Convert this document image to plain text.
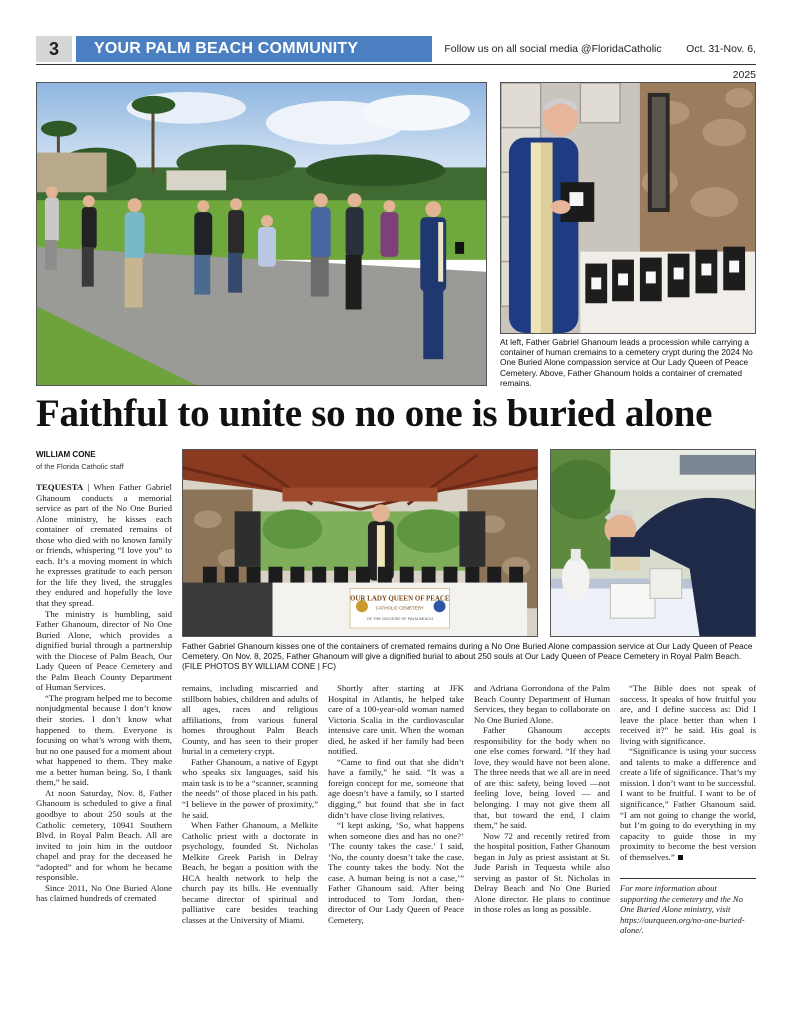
3	YOUR PALM BEACH COMMUNITY	Follow us on all social media @FloridaCatholic	Oct. 31-Nov. 6, 2025
At left, Father Gabriel Ghanoum leads a procession while carrying a container of human cremains to a cemetery crypt during the 2024 No One Buried Alone compassion service at Our Lady Queen of Peace Cemetery. Above, Father Ghanoum holds a container of cremated remains.
Faithful to unite so no one is buried alone
WILLIAM CONE
of the Florida Catholic staff
OUR LADY QUEEN OF PEACE
CATHOLIC CEMETERY
OF THE DIOCESE OF PALM BEACH
Father Gabriel Ghanoum kisses one of the containers of cremated remains during a No One Buried Alone compassion service at Our Lady Queen of Peace Cemetery. On Nov. 8, 2025, Father Ghanoum will give a dignified burial to about 250 souls at Our Lady Queen of Peace Cemetery in Royal Palm Beach. (FILE PHOTOS BY WILLIAM CONE | FC)

TEQUESTA | When Father Gabriel Ghanoum conducts a memorial service as part of the No One Buried Alone ministry, he kisses each container of cremated remains of those who died with no known family or friends, whispering “I love you” to each. It’s a moving moment in which he expresses gratitude to each person for the life they lived, the struggles they endured and hopefully the love that they spread.

The ministry is humbling, said Father Ghanoum, director of No One Buried Alone, which provides a dignified burial through a partnership with the Diocese of Palm Beach, Our Lady Queen of Peace Cemetery and the Palm Beach County Department of Human Services.

“The program helped me to become nonjudgmental because I don’t know their stories. I don’t know what happened to them. Everyone is focusing on what’s wrong with them, but no one paused for a moment about what happened to them. They make me a better human being. So, I thank them,” he said.

At noon Saturday, Nov. 8, Father Ghanoum is scheduled to give a final goodbye to about 250 souls at the Catholic cemetery, 10941 Southern Blvd. in Royal Palm Beach. All are invited to join him in the outdoor chapel and pray for the deceased he “adopted” and for whom he became responsible.

Since 2011, No One Buried Alone has claimed hundreds of cremated

remains, including miscarried and stillborn babies, children and adults of all ages, races and religious affiliations, from various funeral homes throughout Palm Beach County, and has seen to their proper burial in a cemetery crypt.

Father Ghanoum, a native of Egypt who speaks six languages, said his main task is to be a “scanner, scanning the needs” of those placed in his path. “I believe in the power of proximity,” he said.

When Father Ghanoum, a Melkite Catholic priest with a doctorate in psychology, founded St. Nicholas Melkite Greek Parish in Delray Beach, he began a position with the HCA health network to help the church pay its bills. He eventually became director of spiritual and palliative care besides teaching classes at the University of Miami.

Shortly after starting at JFK Hospital in Atlantis, he helped take care of a 100-year-old woman named Victoria Scalia in the cardiovascular intensive care unit. When the woman died, he asked if her family had been notified.

“Came to find out that she didn’t have a family,” he said. “It was a foreign concept for me, someone that age doesn’t have a family, so I started digging,” but found that she in fact didn’t have close living relatives.

“I kept asking, ‘So, what happens when someone dies and has no one?’ ‘The county takes the case.’ I said, ‘No, the county doesn’t take the case. The county takes the body. Not the case. A human being is not a case,’” Father Ghanoum said. After being introduced to Tom Jordan, then-director of Our Lady Queen of Peace Cemetery,

and Adriana Gorrondona of the Palm Beach County Department of Human Services, they began to collaborate on No One Buried Alone.

Father Ghanoum accepts responsibility for the body when no one else comes forward. “If they had love, they would have not been alone. The three needs that we all are in need of are this: safety, being loved —not feeling love, being loved — and belonging. I may not give them all that, but toward the end, I claim them,” he said.

Now 72 and recently retired from the hospital position, Father Ghanoum began in July as priest assistant at St. Jude Parish in Tequesta while also serving as pastor of St. Nicholas in Delray Beach and No One Buried Alone director. He plans to continue in those roles as long as possible.

“The Bible does not speak of success. It speaks of how fruitful you are, and I define success as: Did I leave the place better than when I received it?” he said. His goal is living with significance.

“Significance is using your success and talents to make a difference and create a life of significance. That’s my mission. I don’t want to be successful. I want to be fruitful. I want to be of significance,” Father Ghanoum said. “I am not going to change the world, but I’m going to do everything in my capacity to guide those in my proximity to become the best version of themselves.”

For more information about supporting the cemetery and the No One Buried Alone ministry, visit https://ourqueen.org/no-one-buried-alone/.
